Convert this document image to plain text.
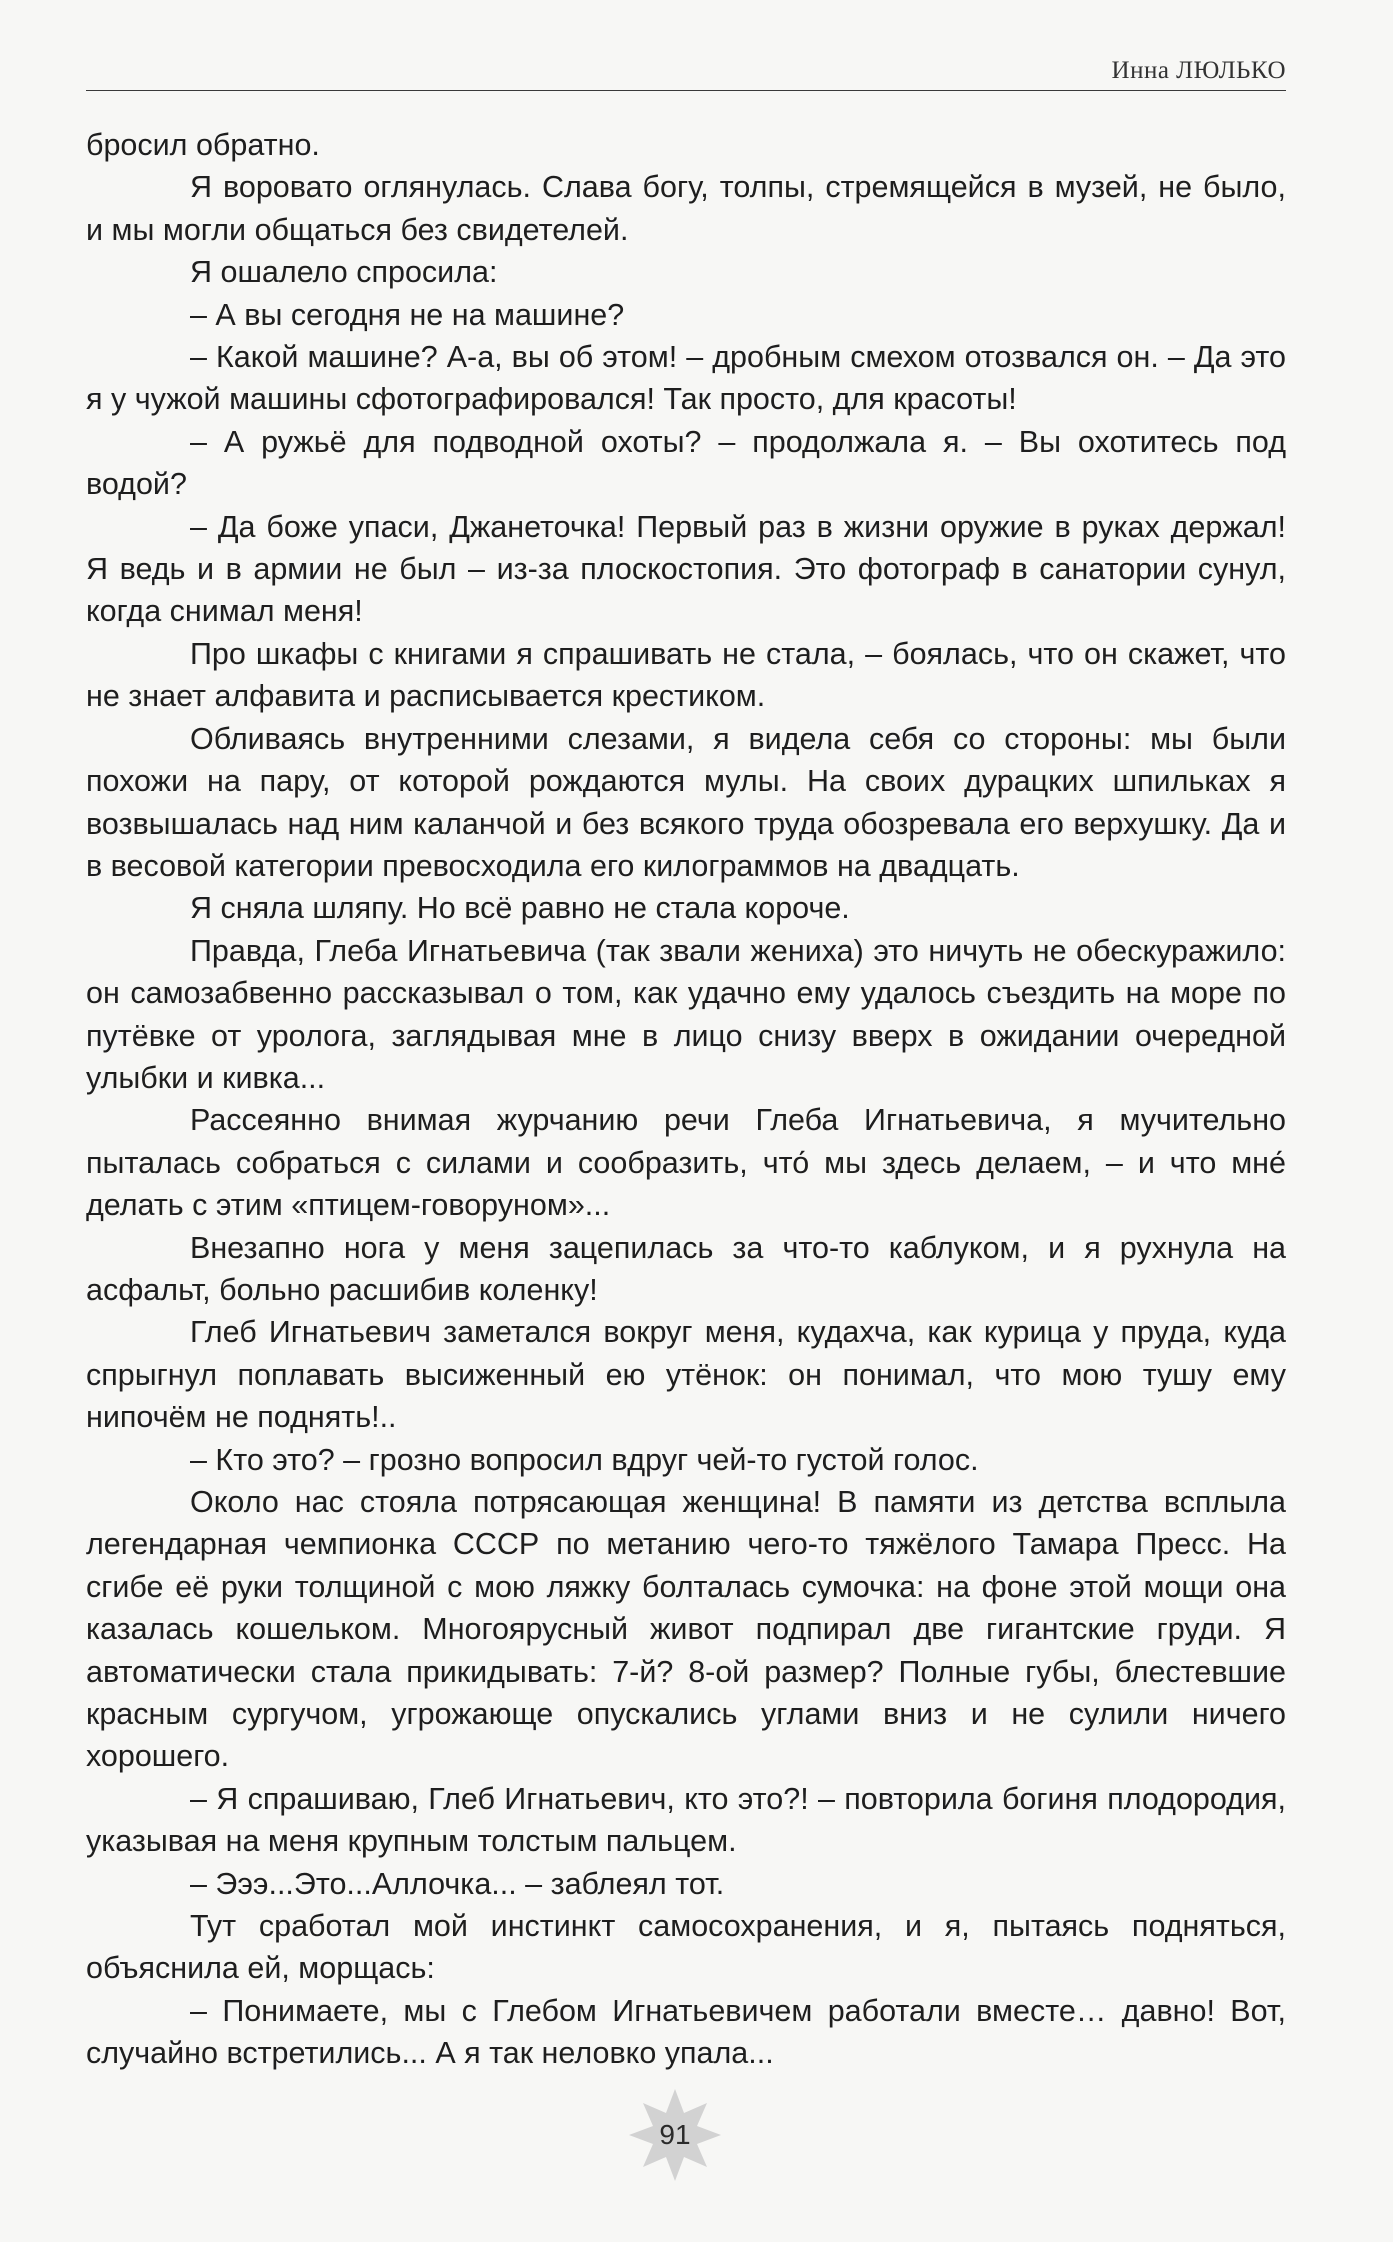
Инна ЛЮЛЬКО

бросил обратно.

Я воровато оглянулась. Слава богу, толпы, стремящейся в музей, не было, и мы могли общаться без свидетелей.

Я ошалело спросила:

– А вы сегодня не на машине?

– Какой машине? А-а, вы об этом! – дробным смехом отозвался он. – Да это я у чужой машины сфотографировался! Так просто, для красоты!

– А ружьё для подводной охоты? – продолжала я. – Вы охотитесь под водой?

– Да боже упаси, Джанеточка! Первый раз в жизни оружие в руках держал! Я ведь и в армии не был – из-за плоскостопия. Это фотограф в санатории сунул, когда снимал меня!

Про шкафы с книгами я спрашивать не стала, – боялась, что он скажет, что не знает алфавита и расписывается крестиком.

Обливаясь внутренними слезами, я видела себя со стороны: мы были похожи на пару, от которой рождаются мулы. На своих дурацких шпильках я возвышалась над ним каланчой и без всякого труда обозревала его верхушку. Да и в весовой категории превосходила его килограммов на двадцать.

Я сняла шляпу. Но всё равно не стала короче.

Правда, Глеба Игнатьевича (так звали жениха) это ничуть не обескуражило: он самозабвенно рассказывал о том, как удачно ему удалось съездить на море по путёвке от уролога, заглядывая мне в лицо снизу вверх в ожидании очередной улыбки и кивка...

Рассеянно внимая журчанию речи Глеба Игнатьевича, я мучительно пыталась собраться с силами и сообразить, что́ мы здесь делаем, – и что мне́ делать с этим «птицем-говоруном»...

Внезапно нога у меня зацепилась за что-то каблуком, и я рухнула на асфальт, больно расшибив коленку!

Глеб Игнатьевич заметался вокруг меня, кудахча, как курица у пруда, куда спрыгнул поплавать высиженный ею утёнок: он понимал, что мою тушу ему нипочём не поднять!..

– Кто это? – грозно вопросил вдруг чей-то густой голос.

Около нас стояла потрясающая женщина! В памяти из детства всплыла легендарная чемпионка СССР по метанию чего-то тяжёлого Тамара Пресс. На сгибе её руки толщиной с мою ляжку болталась сумочка: на фоне этой мощи она казалась кошельком. Многоярусный живот подпирал две гигантские груди. Я автоматически стала прикидывать: 7-й? 8-ой размер? Полные губы, блестевшие красным сургучом, угрожающе опускались углами вниз и не сулили ничего хорошего.

– Я спрашиваю, Глеб Игнатьевич, кто это?! – повторила богиня плодородия, указывая на меня крупным толстым пальцем.

– Эээ...Это...Аллочка... – заблеял тот.

Тут сработал мой инстинкт самосохранения, и я, пытаясь подняться, объяснила ей, морщась:

– Понимаете, мы с Глебом Игнатьевичем работали вместе… давно! Вот, случайно встретились... А я так неловко упала...

91
